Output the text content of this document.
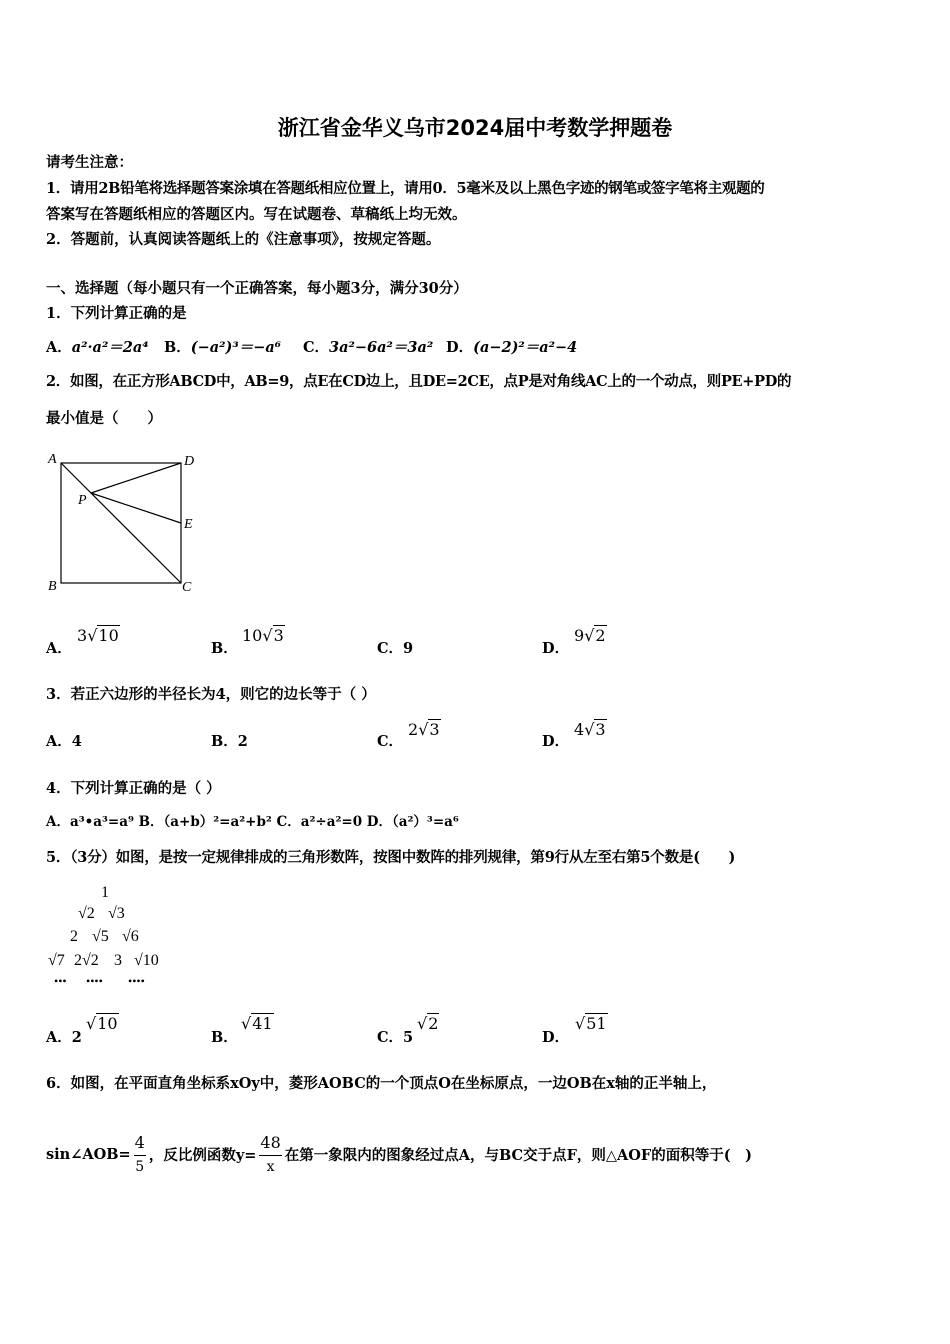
浙江省金华义乌市2024届中考数学押题卷
请考生注意：
1．请用2B铅笔将选择题答案涂填在答题纸相应位置上，请用0．5毫米及以上黑色字迹的钢笔或签字笔将主观题的
答案写在答题纸相应的答题区内。写在试题卷、草稿纸上均无效。
2．答题前，认真阅读答题纸上的《注意事项》，按规定答题。
一、选择题（每小题只有一个正确答案，每小题3分，满分30分）
1．下列计算正确的是
A．a²·a²＝2a⁴ B．(−a²)³＝−a⁶ C．3a²−6a²＝3a² D．(a−2)²＝a²−4
2．如图，在正方形ABCD中，AB=9，点E在CD边上，且DE=2CE，点P是对角线AC上的一个动点，则PE+PD的
最小值是（　　）
A	D
E
B	C
P
A．
3√10
B．
10√3
C．9	D．
9√2
3．若正六边形的半径长为4，则它的边长等于（ ）
A．4	B．2	C．
2√3
D．
4√3
4．下列计算正确的是（ ）
A．a³•a³=a⁹ B．（a+b）²=a²+b² C．a²÷a²=0 D．（a²）³=a⁶
5．（3分）如图，是按一定规律排成的三角形数阵，按图中数阵的排列规律，第9行从左至右第5个数是(　　)
1
√2 √3
2 √5 √6
√7 2√2 3 √10
••• •••• ••••
A．2
√10
B．
√41
C．5
√2
D．
√51
6．如图，在平面直角坐标系xOy中，菱形AOBC的一个顶点O在坐标原点，一边OB在x轴的正半轴上，
sin∠AOB= $\frac{4}{5}$ ，反比例函数$y= \frac{48}{x}$ 在第一象限内的图象经过点A，与BC交于点F，则△AOF的面积等于(　)
